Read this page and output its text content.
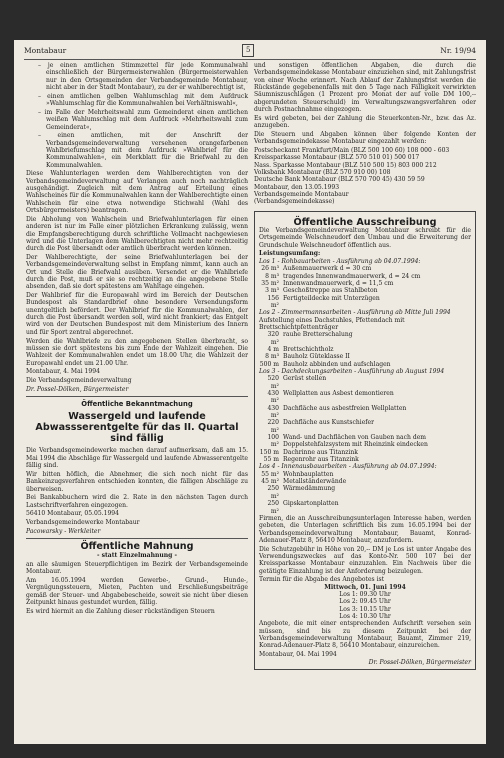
Montabaur	5	Nr. 19/94

– je einen amtlichen Stimmzettel für jede Kommunalwahl einschließlich der Bürgermeisterwahlen (Bürgermeisterwahlen nur in den Ortsgemeinden der Verbandsgemeinde Montabaur, nicht aber in der Stadt Montabaur), zu der er wahlberechtigt ist,

– einen amtlichen gelben Wahlumschlag mit dem Aufdruck »Wahlumschlag für die Kommunalwahlen bei Verhältniswahl«,

– im Falle der Mehrheitswahl zum Gemeinderat einen amtlichen weißen Wahlumschlag mit dem Aufdruck »Mehrheitswahl zum Gemeinderat«,

– einen amtlichen, mit der Anschrift der Verbandsgemeindeverwaltung versehenen orangefarbenen Wahlbriefumschlag mit dem Aufdruck »Wahlbrief für die Kommunalwahlen«, ein Merkblatt für die Briefwahl zu den Kommunalwahlen.

Diese Wahlunterlagen werden dem Wahlberechtigten von der Verbandsgemeindeverwaltung auf Verlangen auch noch nachträglich ausgehändigt. Zugleich mit dem Antrag auf Erteilung eines Wahlscheines für die Kommunalwahlen kann der Wahlberechtigte einen Wahlschein für eine etwa notwendige Stichwahl (Wahl des Ortsbürgermeisters) beantragen.

Die Abholung von Wahlschein und Briefwahlunterlagen für einen anderen ist nur im Falle einer plötzlichen Erkrankung zulässig, wenn die Empfangsberechtigung durch schriftliche Vollmacht nachgewiesen wird und die Unterlagen dem Wahlberechtigten nicht mehr rechtzeitig durch die Post übersandt oder amtlich überbracht werden können.

Der Wahlberechtigte, der seine Briefwahlunterlagen bei der Verbandsgemeindeverwaltung selbst in Empfang nimmt, kann auch an Ort und Stelle die Briefwahl ausüben. Versendet er die Wahlbriefe durch die Post, muß er sie so rechtzeitig an die angegebene Stelle absenden, daß sie dort spätestens am Wahltage eingehen.

Der Wahlbrief für die Europawahl wird im Bereich der Deutschen Bundespost als Standardbrief ohne besondere Versendungsform unentgeltlich befördert. Der Wahlbrief für die Kommunalwahlen, der durch die Post übersandt werden soll, wird nicht frankiert; das Entgelt wird von der Deutschen Bundespost mit dem Ministerium des Innern und für Sport zentral abgerechnet.

Werden die Wahlbriefe zu den angegebenen Stellen überbracht, so müssen sie dort spätestens bis zum Ende der Wahlzeit eingehen. Die Wahlzeit der Kommunalwahlen endet um 18.00 Uhr, die Wahlzeit der Europawahl endet um 21.00 Uhr.

Montabaur, 4. Mai 1994

Die Verbandsgemeindeverwaltung

Dr. Possel-Dölken, Bürgermeister

Öffentliche Bekanntmachung
Wassergeld und laufende Abwassserentgelte für das II. Quartal sind fällig

Die Verbandsgemeindewerke machen darauf aufmerksam, daß am 15. Mai 1994 die Abschläge für Wassergeld und laufende Abwasserentgelte fällig sind.

Wir bitten höflich, die Abnehmer, die sich noch nicht für das Bankeinzugsverfahren entschieden konnten, die fälligen Abschläge zu überweisen.

Bei Bankabbuchern wird die 2. Rate in den nächsten Tagen durch Lastschriftverfahren eingezogen.

56410 Montabaur, 05.05.1994

Verbandsgemeindewerke Montabaur

Pacowarsky - Werkleiter

Öffentliche Mahnung
- statt Einzelmahnung -

an alle säumigen Steuerpflichtigen im Bezirk der Verbandsgemeinde Montabaur.

Am 16.05.1994 werden Gewerbe-, Grund-, Hunde-, Vergnügungssteuern, Mieten, Pachten und Erschließungsbeiträge gemäß der Steuer- und Abgabebescheide, soweit sie nicht über diesen Zeitpunkt hinaus gestundet wurden, fällig.

Es wird hiermit an die Zahlung dieser rückständigen Steuern

und sonstigen öffentlichen Abgaben, die durch die Verbandsgemeindekasse Montabaur einzuziehen sind, mit Zahlungsfrist von einer Woche erinnert. Nach Ablauf der Zahlungsfrist werden die Rückstände gegebenenfalls mit den 5 Tage nach Fälligkeit verwirkten Säumniszuschlägen (1 Prozent pro Monat der auf volle DM 100,-- abgerundeten Steuerschuld) im Verwaltungszwangsverfahren oder durch Postnachnahme eingezogen.

Es wird gebeten, bei der Zahlung die Steuerkonten-Nr., bzw. das Az. anzugeben.

Die Steuern und Abgaben können über folgende Konten der Verbandsgemeindekasse Montabaur eingezahlt werden:

Postscheckamt Frankfurt/Main (BLZ 500 100 60) 108 000 - 603
Kreissparkasse Montabaur (BLZ 570 510 01) 500 017
Nass. Sparkasse Montabaur (BLZ 510 500 15) 803 000 212
Volksbank Montabaur (BLZ 570 910 00) 108
Deutsche Bank Montabaur (BLZ 570 700 45) 430 59 59
Montabaur, den 13.05.1993
Verbandsgemeinde Montabaur
(Verbandsgemeindekasse)
Öffentliche Ausschreibung

Die Verbandsgemeindeverwaltung Montabaur schreibt für die Ortsgemeinde Welschneudorf den Umbau und die Erweiterung der Grundschule Welschneudorf öffentlich aus.

Leistungsumfang:
Los 1 - Rohbauarbeiten - Ausführung ab 04.07.1994:
26 m³ Außenmauerwerk d = 30 cm
8 m³ tragendes Innenwandmauerwerk, d = 24 cm
35 m² Innenwandmauerwerk, d = 11,5 cm
3 m³ Geschoßtreppe aus Stahlbeton
156 m²
Fertigteildecke mit Unterzügen
Los 2 - Zimmermannsarbeiten - Ausführung ab Mitte Juli 1994
Aufstellung eines Dachstuhles, Pfettendach mit Brettschichtpfettenträger
320 m²
rauhe Bretterschalung
4 m Brettschichtholz
8 m³ Bauholz Güteklasse II
500 m Bauholz abbinden und aufschlagen
Los 3 - Dachdeckungsarbeiten - Ausführung ab August 1994
520 m²
Gerüst stellen
430 m²
Wellplatten aus Asbest demontieren
430 m²
Dachfläche aus asbestfreien Wellplatten
220 m²
Dachfläche aus Kunstschiefer
100 m²
Wand- und Dachflächen von Gauben nach dem Doppelstehfalzsystem mit Rheinzink eindecken
150 m Dachrinne aus Titanzink
55 m Regenrohr aus Titanzink
Los 4 - Innenausbauarbeiten - Ausführung ab 04.07.1994:
55 m² Wohnbauplatten
45 m² Metallständerwände
250 m²
Wärmedämmung
250 m²
Gipskartonplatten

Firmen, die an Ausschreibungsunterlagen Interesse haben, werden gebeten, die Unterlagen schriftlich bis zum 16.05.1994 bei der Verbandsgemeindeverwaltung Montabaur, Bauamt, Konrad-Adenauer-Platz 8, 56410 Montabaur, anzufordern.

Die Schutzgebühr in Höhe von 20,-- DM je Los ist unter Angabe des Verwendungszweckes auf das Konto-Nr. 500 107 bei der Kreissparkasse Montabaur einzuzahlen. Ein Nachweis über die getätigte Einzahlung ist der Anforderung beizulegen.

Termin für die Abgabe des Angebotes ist
Mittwoch, 01. Juni 1994
Los 1: 09.30 Uhr
Los 2: 09.45 Uhr
Los 3: 10.15 Uhr
Los 4: 10.30 Uhr

Angebote, die mit einer entsprechenden Aufschrift versehen sein müssen, sind bis zu diesem Zeitpunkt bei der Verbandsgemeindeverwaltung Montabaur, Bauamt, Zimmer 219, Konrad-Adenauer-Platz 8, 56410 Montabaur, einzureichen.

Montabaur, 04. Mai 1994
Dr. Possel-Dölken, Bürgermeister
